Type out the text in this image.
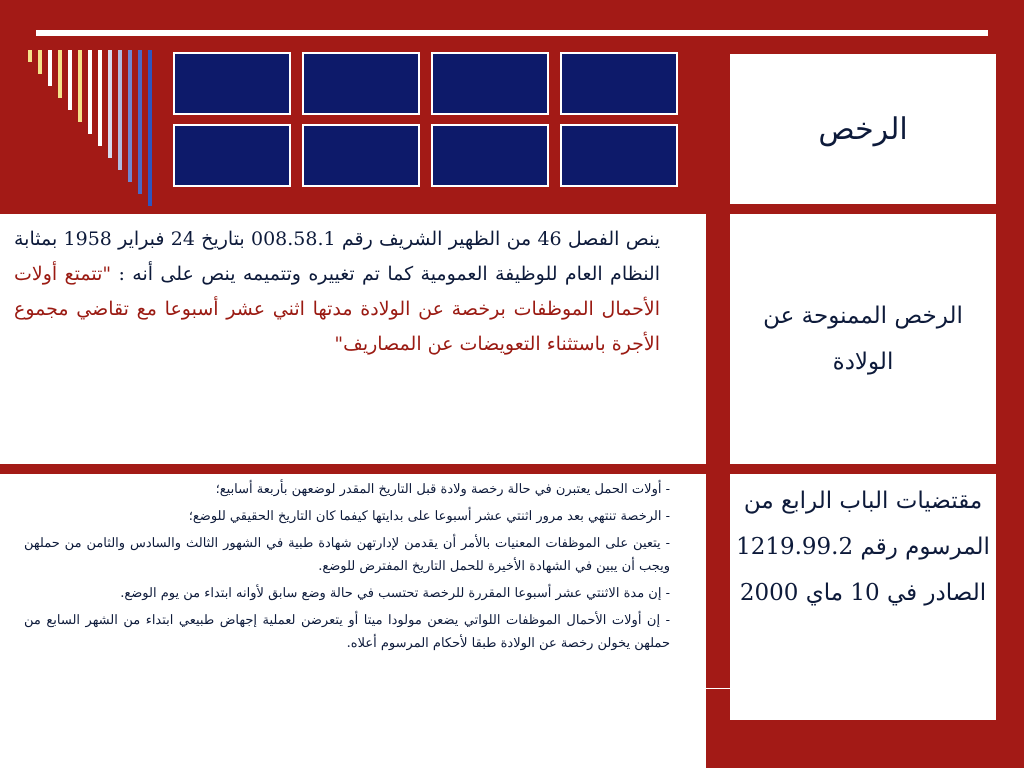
الرخص
ينص الفصل 46 من الظهير الشريف رقم 008.58.1 بتاريخ 24 فبراير 1958 بمثابة النظام العام للوظيفة العمومية كما تم تغييره وتتميمه ينص على أنه : "تتمتع أولات الأحمال الموظفات برخصة عن الولادة مدتها اثني عشر أسبوعا مع تقاضي مجموع الأجرة باستثناء التعويضات عن المصاريف"
الرخص الممنوحة عن الولادة
- أولات الحمل يعتبرن في حالة رخصة ولادة قبل التاريخ المقدر لوضعهن بأربعة أسابيع؛
- الرخصة تنتهي بعد مرور اثنتي عشر أسبوعا على بدايتها كيفما كان التاريخ الحقيقي للوضع؛
- يتعين على الموظفات المعنيات بالأمر أن يقدمن لإدارتهن شهادة طبية في الشهور الثالث والسادس والثامن من حملهن ويجب أن يبين في الشهادة الأخيرة للحمل التاريخ المفترض للوضع.
- إن مدة الاثنتي عشر أسبوعا المقررة للرخصة تحتسب في حالة وضع سابق لأوانه ابتداء من يوم الوضع.
- إن أولات الأحمال الموظفات اللواتي يضعن مولودا ميتا أو يتعرضن لعملية إجهاض طبيعي ابتداء من الشهر السابع من حملهن يخولن رخصة عن الولادة طبقا لأحكام المرسوم أعلاه.
مقتضيات الباب الرابع من المرسوم رقم 1219.99.2 الصادر في 10 ماي 2000
